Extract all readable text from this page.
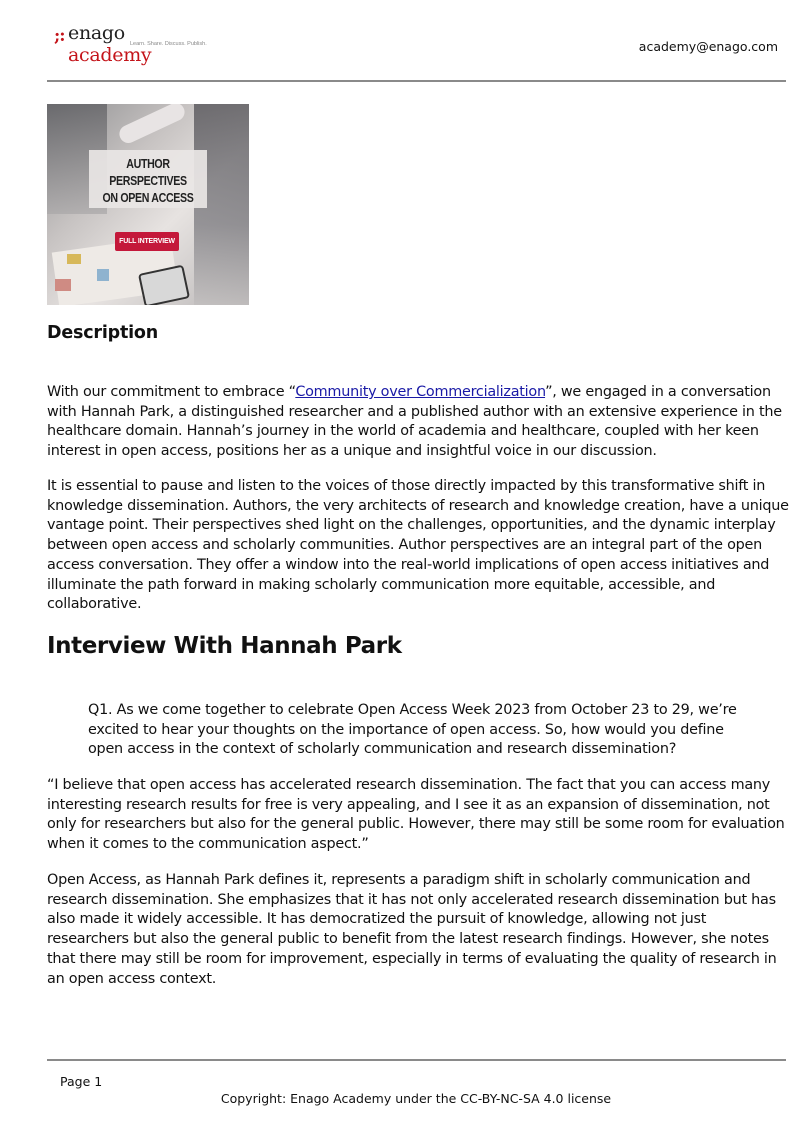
;: enago academy
Learn. Share. Discuss. Publish.	academy@enago.com
AUTHOR PERSPECTIVES
ON OPEN ACCESS
FULL INTERVIEW
Description

With our commitment to embrace “Community over Commercialization”, we engaged in a conversation with Hannah Park, a distinguished researcher and a published author with an extensive experience in the healthcare domain. Hannah’s journey in the world of academia and healthcare, coupled with her keen interest in open access, positions her as a unique and insightful voice in our discussion.

It is essential to pause and listen to the voices of those directly impacted by this transformative shift in knowledge dissemination. Authors, the very architects of research and knowledge creation, have a unique vantage point. Their perspectives shed light on the challenges, opportunities, and the dynamic interplay between open access and scholarly communities. Author perspectives are an integral part of the open access conversation. They offer a window into the real-world implications of open access initiatives and illuminate the path forward in making scholarly communication more equitable, accessible, and collaborative.

Interview With Hannah Park

Q1. As we come together to celebrate Open Access Week 2023 from October 23 to 29, we’re excited to hear your thoughts on the importance of open access. So, how would you define open access in the context of scholarly communication and research dissemination?

“I believe that open access has accelerated research dissemination. The fact that you can access many interesting research results for free is very appealing, and I see it as an expansion of dissemination, not only for researchers but also for the general public. However, there may still be some room for evaluation when it comes to the communication aspect.”

Open Access, as Hannah Park defines it, represents a paradigm shift in scholarly communication and research dissemination. She emphasizes that it has not only accelerated research dissemination but has also made it widely accessible. It has democratized the pursuit of knowledge, allowing not just researchers but also the general public to benefit from the latest research findings. However, she notes that there may still be room for improvement, especially in terms of evaluating the quality of research in an open access context.

Page 1
Copyright: Enago Academy under the CC-BY-NC-SA 4.0 license
